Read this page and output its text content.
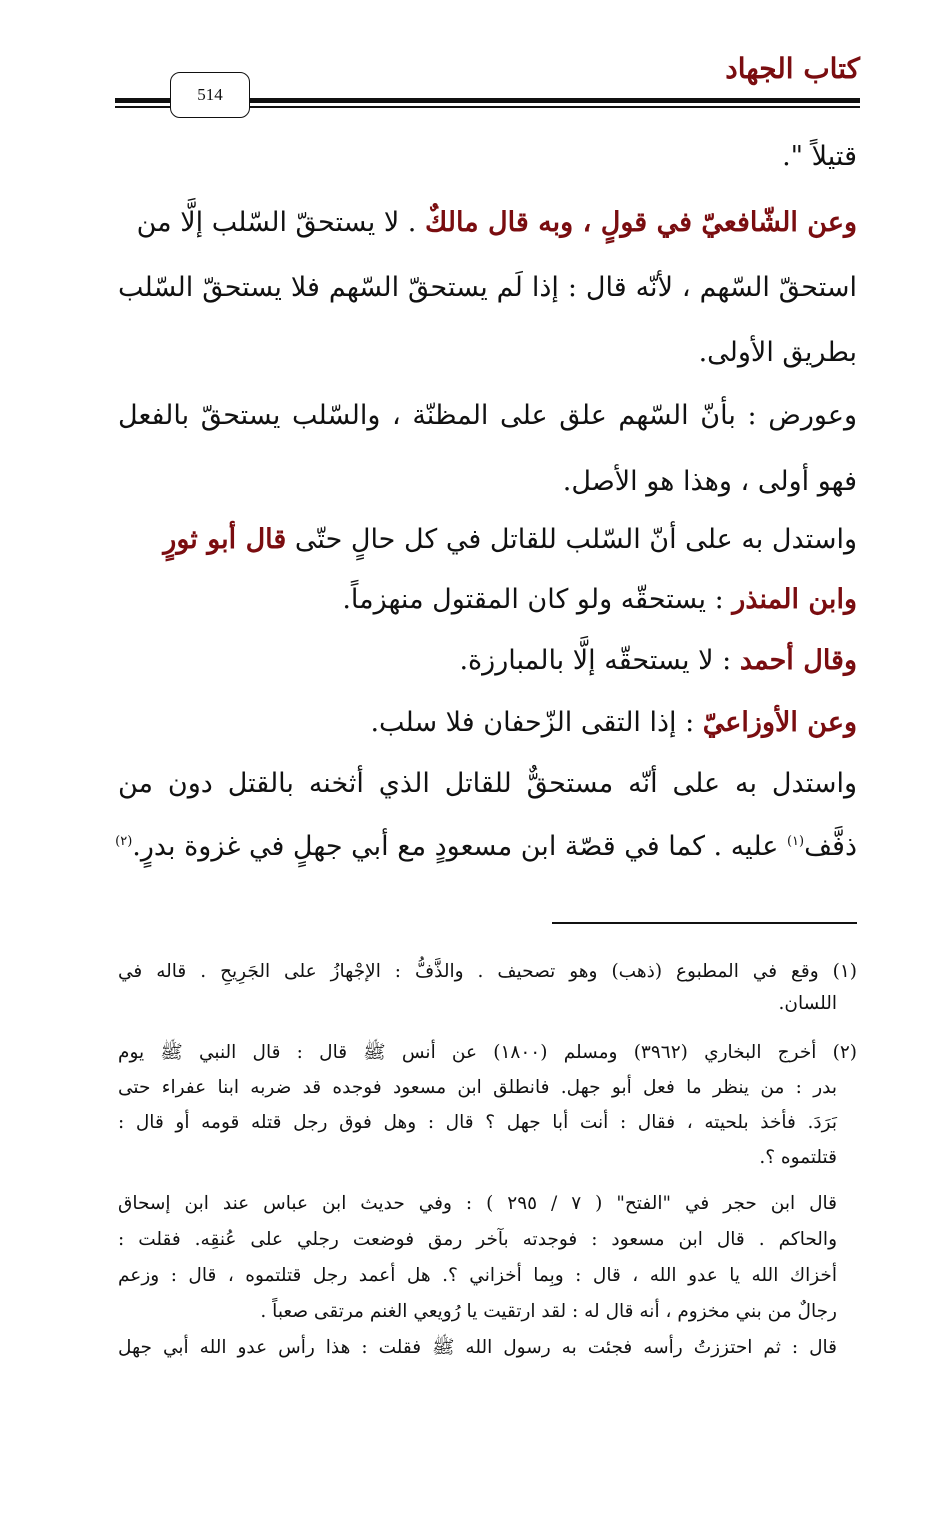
كتاب الجهاد
514
قتيلاً ".
وعن الشّافعيّ في قولٍ ، وبه قال مالكٌ . لا يستحقّ السّلب إلَّا من
استحقّ السّهم ، لأنّه قال : إذا لَم يستحقّ السّهم فلا يستحقّ السّلب
بطريق الأولى.
وعورض : بأنّ السّهم علق على المظنّة ، والسّلب يستحقّ بالفعل
فهو أولى ، وهذا هو الأصل.
واستدل به على أنّ السّلب للقاتل في كل حالٍ حتّى قال أبو ثورٍ
وابن المنذر : يستحقّه ولو كان المقتول منهزماً.
وقال أحمد : لا يستحقّه إلَّا بالمبارزة.
وعن الأوزاعيّ : إذا التقى الزّحفان فلا سلب.
واستدل به على أنّه مستحقٌّ للقاتل الذي أثخنه بالقتل دون من
ذفَّف$^{(١)}$ عليه . كما في قصّة ابن مسعودٍ مع أبي جهلٍ في غزوة بدرٍ.$^{(٢)}$
(١) وقع في المطبوع (ذهب) وهو تصحيف . والذَّفُّ : الإجْهازُ على الجَرِيحِ . قاله في
اللسان.
(٢) أخرج البخاري (٣٩٦٢) ومسلم (١٨٠٠) عن أنس ﷺ قال : قال النبي ﷺ يوم
بدر : من ينظر ما فعل أبو جهل. فانطلق ابن مسعود فوجده قد ضربه ابنا عفراء حتى
بَرَدَ. فأخذ بلحيته ، فقال : أنت أبا جهل ؟ قال : وهل فوق رجل قتله قومه أو قال :
قتلتموه ؟.
قال ابن حجر في "الفتح" ( ٧ / ٢٩٥ ) : وفي حديث ابن عباس عند ابن إسحاق
والحاكم . قال ابن مسعود : فوجدته بآخر رمق فوضعت رجلي على عُنقِه. فقلت :
أخزاك الله يا عدو الله ، قال : وبِما أخزاني ؟. هل أعمد رجل قتلتموه ، قال : وزعم
رجالٌ من بني مخزوم ، أنه قال له : لقد ارتقيت يا رُويعي الغنم مرتقى صعباً .
قال : ثم احتززتُ رأسه فجئت به رسول الله ﷺ فقلت : هذا رأس عدو الله أبي جهل
